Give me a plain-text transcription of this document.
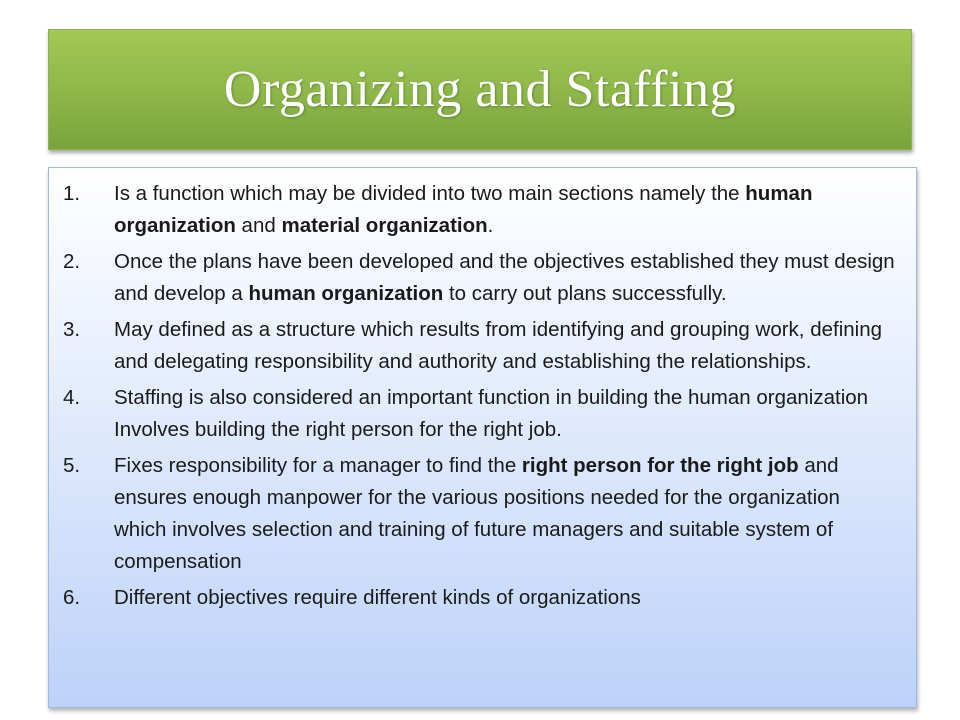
Organizing and Staffing
1.	Is a function which may be divided into two main sections namely the human organization and material organization.
2.	Once the plans have been developed and the objectives established they must design and develop a human organization to carry out plans successfully.
3.	May defined as a structure which results from identifying and grouping work, defining and delegating responsibility and authority and establishing the relationships.
4.	Staffing is also considered an important function in building the human organization Involves building the right person for the right job.
5.	Fixes responsibility for a manager to find the right person for the right job and ensures enough manpower for the various positions needed for the organization which involves selection and training of future managers and suitable system of compensation
6.	Different objectives require different kinds of organizations
